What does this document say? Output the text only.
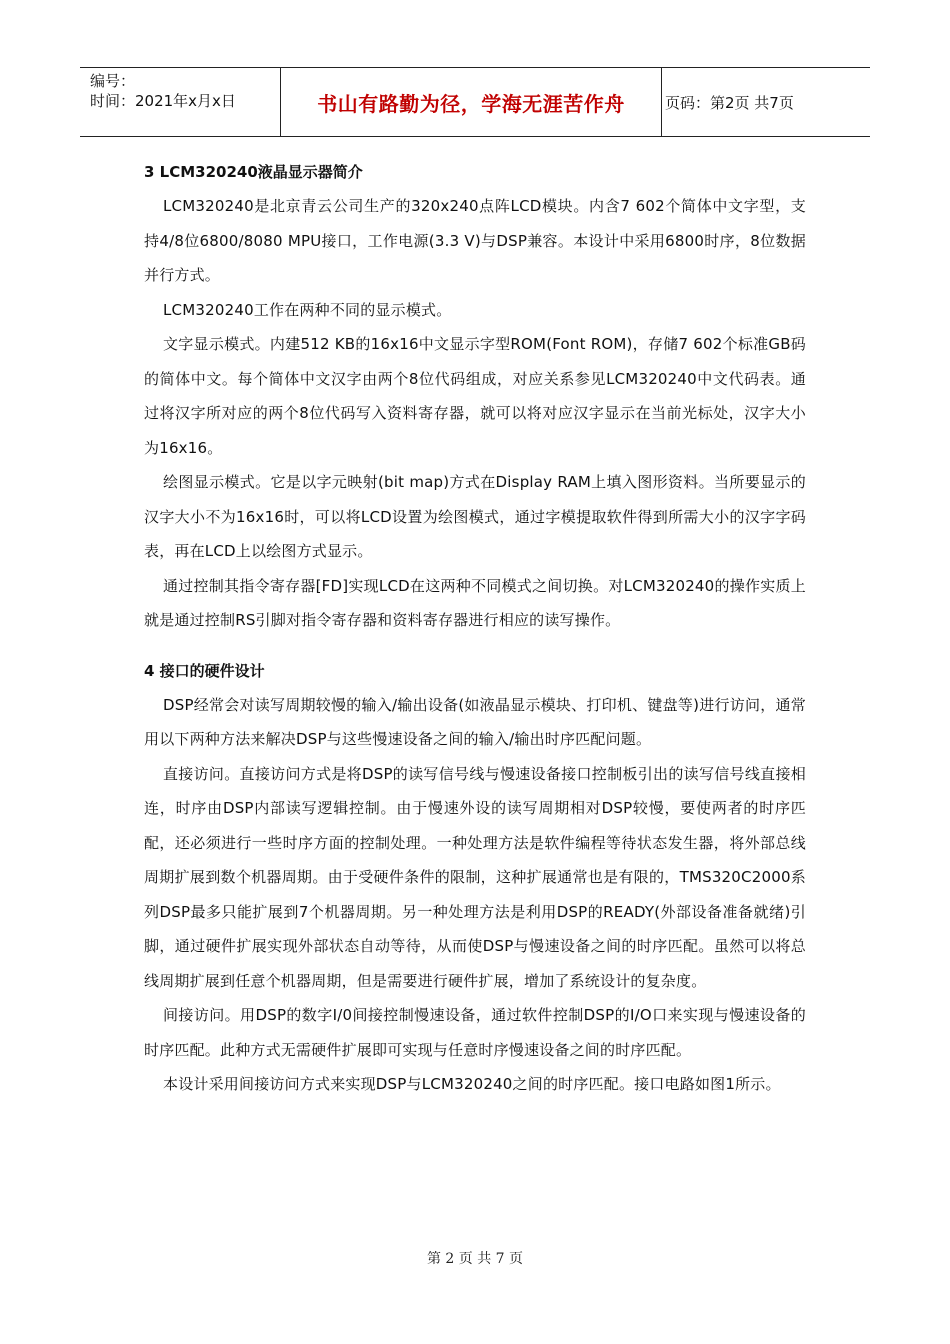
编号：
时间：2021年x月x日	书山有路勤为径，学海无涯苦作舟	页码：第2页 共7页

3 LCM320240液晶显示器简介

LCM320240是北京青云公司生产的320x240点阵LCD模块。内含7 602个简体中文字型，支持4/8位6800/8080 MPU接口，工作电源(3.3 V)与DSP兼容。本设计中采用6800时序，8位数据并行方式。

LCM320240工作在两种不同的显示模式。

文字显示模式。内建512 KB的16x16中文显示字型ROM(Font ROM)，存储7 602个标准GB码的简体中文。每个简体中文汉字由两个8位代码组成，对应关系参见LCM320240中文代码表。通过将汉字所对应的两个8位代码写入资料寄存器，就可以将对应汉字显示在当前光标处，汉字大小为16x16。

绘图显示模式。它是以字元映射(bit map)方式在Display RAM上填入图形资料。当所要显示的汉字大小不为16x16时，可以将LCD设置为绘图模式，通过字模提取软件得到所需大小的汉字字码表，再在LCD上以绘图方式显示。

通过控制其指令寄存器[FD]实现LCD在这两种不同模式之间切换。对LCM320240的操作实质上就是通过控制RS引脚对指令寄存器和资料寄存器进行相应的读写操作。

4 接口的硬件设计

DSP经常会对读写周期较慢的输入/输出设备(如液晶显示模块、打印机、键盘等)进行访问，通常用以下两种方法来解决DSP与这些慢速设备之间的输入/输出时序匹配问题。

直接访问。直接访问方式是将DSP的读写信号线与慢速设备接口控制板引出的读写信号线直接相连，时序由DSP内部读写逻辑控制。由于慢速外设的读写周期相对DSP较慢，要使两者的时序匹配，还必须进行一些时序方面的控制处理。一种处理方法是软件编程等待状态发生器，将外部总线周期扩展到数个机器周期。由于受硬件条件的限制，这种扩展通常也是有限的，TMS320C2000系列DSP最多只能扩展到7个机器周期。另一种处理方法是利用DSP的READY(外部设备准备就绪)引脚，通过硬件扩展实现外部状态自动等待，从而使DSP与慢速设备之间的时序匹配。虽然可以将总线周期扩展到任意个机器周期，但是需要进行硬件扩展，增加了系统设计的复杂度。

间接访问。用DSP的数字I/0间接控制慢速设备，通过软件控制DSP的I/O口来实现与慢速设备的时序匹配。此种方式无需硬件扩展即可实现与任意时序慢速设备之间的时序匹配。

本设计采用间接访问方式来实现DSP与LCM320240之间的时序匹配。接口电路如图1所示。

第 2 页 共 7 页
